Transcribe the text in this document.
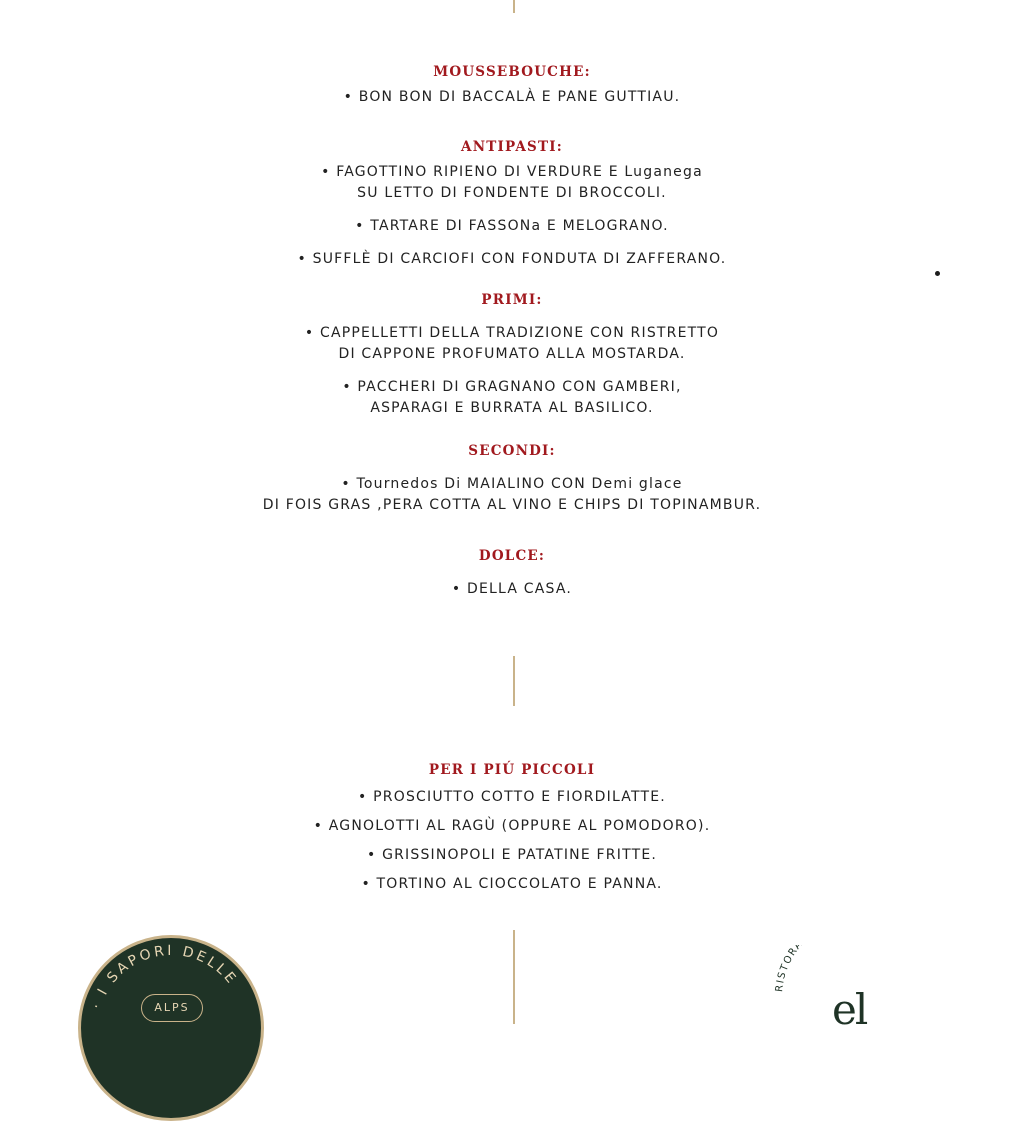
MOUSSEBOUCHE:
• BON BON DI BACCALÀ E PANE GUTTIAU.
ANTIPASTI:
• FAGOTTINO RIPIENO DI VERDURE E Luganega
SU LETTO DI FONDENTE DI BROCCOLI.
• TARTARE DI FASSONa E MELOGRANO.
• SUFFLÈ DI CARCIOFI CON FONDUTA DI ZAFFERANO.
PRIMI:
• CAPPELLETTI DELLA TRADIZIONE CON RISTRETTO
DI CAPPONE PROFUMATO ALLA MOSTARDA.
• PACCHERI DI GRAGNANO CON GAMBERI,
ASPARAGI E BURRATA AL BASILICO.
SECONDI:
• Tournedos Di MAIALINO CON Demi glace
DI FOIS GRAS ,PERA COTTA AL VINO E CHIPS DI TOPINAMBUR.
DOLCE:
• DELLA CASA.
PER I PIÚ PICCOLI
• PROSCIUTTO COTTO E FIORDILATTE.
• AGNOLOTTI AL RAGÙ (OPPURE AL POMODORO).
• GRISSINOPOLI E PATATINE FRITTE.
• TORTINO AL CIOCCOLATO E PANNA.
· I SAPORI DELLE
ALPS
RISTOR
el
